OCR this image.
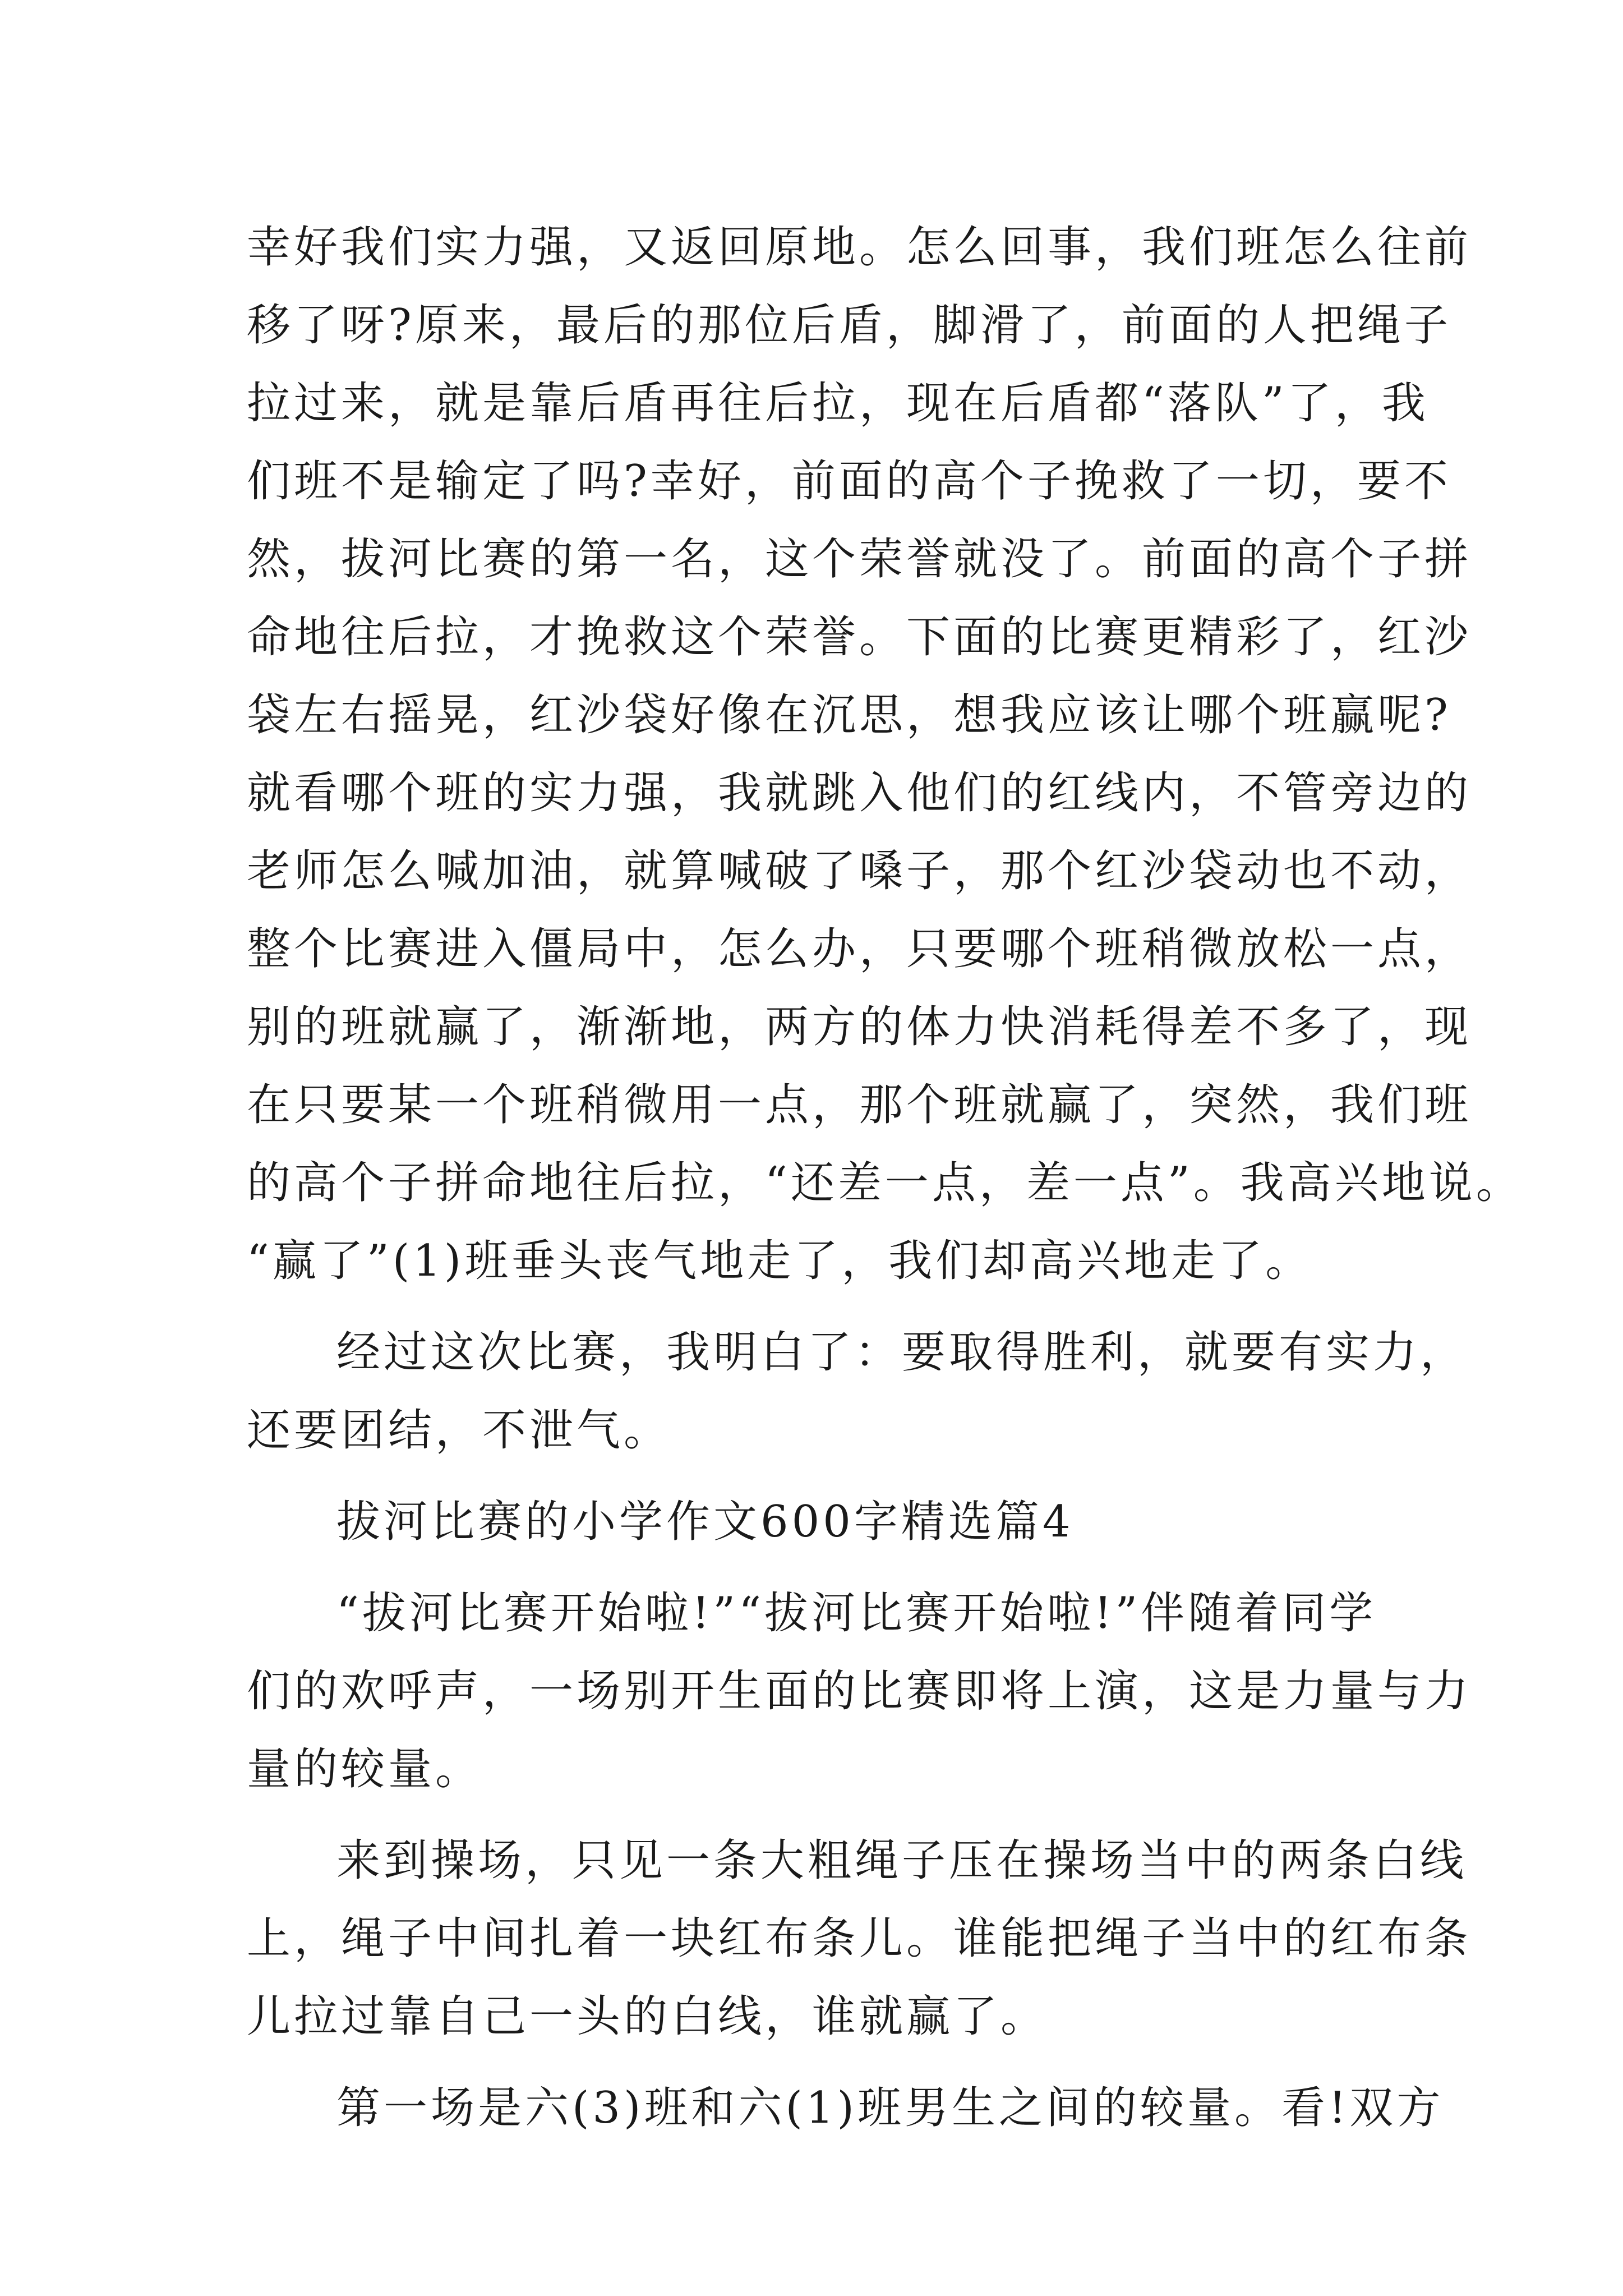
幸好我们实力强，又返回原地。怎么回事，我们班怎么往前
移了呀?原来，最后的那位后盾，脚滑了，前面的人把绳子
拉过来，就是靠后盾再往后拉，现在后盾都“落队”了，我
们班不是输定了吗?幸好，前面的高个子挽救了一切，要不
然，拔河比赛的第一名，这个荣誉就没了。前面的高个子拼
命地往后拉，才挽救这个荣誉。下面的比赛更精彩了，红沙
袋左右摇晃，红沙袋好像在沉思，想我应该让哪个班赢呢?
就看哪个班的实力强，我就跳入他们的红线内，不管旁边的
老师怎么喊加油，就算喊破了嗓子，那个红沙袋动也不动，
整个比赛进入僵局中，怎么办，只要哪个班稍微放松一点，
别的班就赢了，渐渐地，两方的体力快消耗得差不多了，现
在只要某一个班稍微用一点，那个班就赢了，突然，我们班
的高个子拼命地往后拉，“还差一点，差一点”。我高兴地说。
“赢了”(1)班垂头丧气地走了，我们却高兴地走了。
经过这次比赛，我明白了：要取得胜利，就要有实力，
还要团结，不泄气。
拔河比赛的小学作文600字精选篇4
“拔河比赛开始啦!”“拔河比赛开始啦!”伴随着同学
们的欢呼声，一场别开生面的比赛即将上演，这是力量与力
量的较量。
来到操场，只见一条大粗绳子压在操场当中的两条白线
上，绳子中间扎着一块红布条儿。谁能把绳子当中的红布条
儿拉过靠自己一头的白线，谁就赢了。
第一场是六(3)班和六(1)班男生之间的较量。看!双方
